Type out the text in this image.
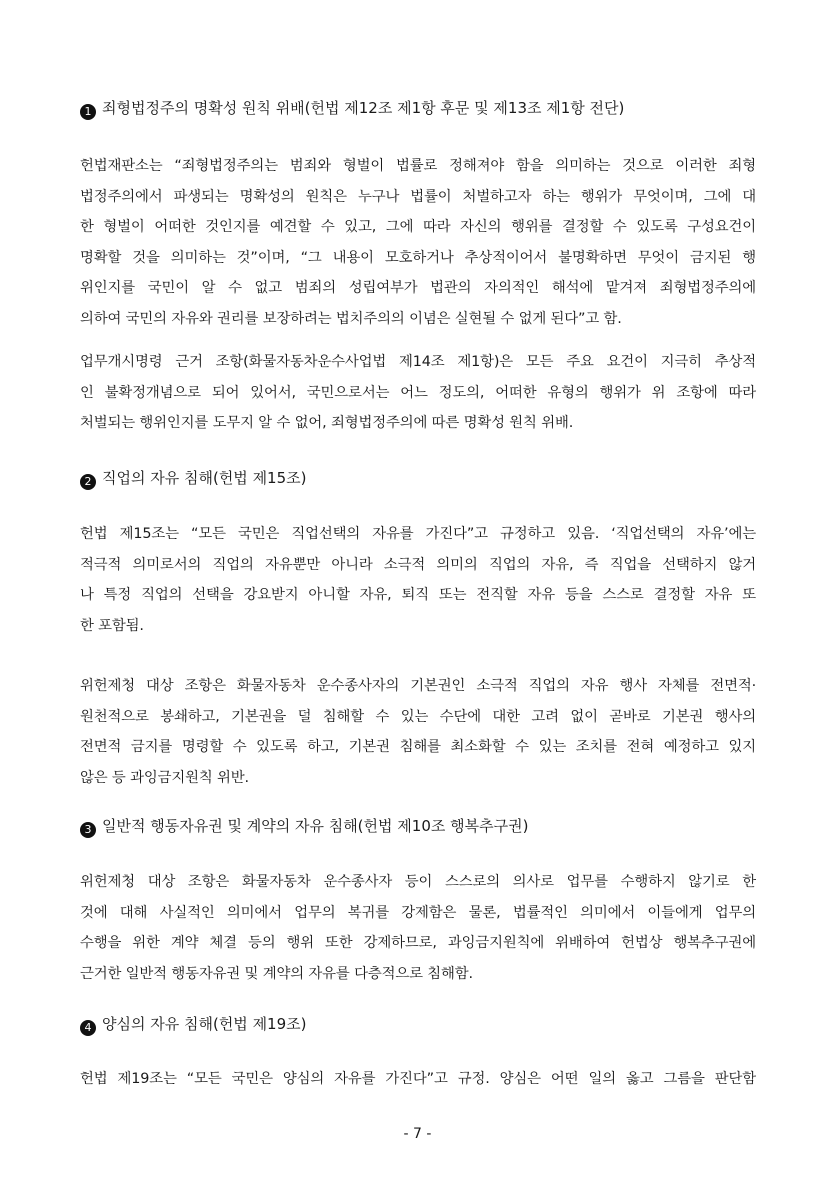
1 죄형법정주의 명확성 원칙 위배(헌법 제12조 제1항 후문 및 제13조 제1항 전단)
헌법재판소는 “죄형법정주의는 범죄와 형벌이 법률로 정해져야 함을 의미하는 것으로 이러한 죄형
법정주의에서 파생되는 명확성의 원칙은 누구나 법률이 처벌하고자 하는 행위가 무엇이며, 그에 대
한 형벌이 어떠한 것인지를 예견할 수 있고, 그에 따라 자신의 행위를 결정할 수 있도록 구성요건이
명확할 것을 의미하는 것”이며, “그 내용이 모호하거나 추상적이어서 불명확하면 무엇이 금지된 행
위인지를 국민이 알 수 없고 범죄의 성립여부가 법관의 자의적인 해석에 맡겨져 죄형법정주의에
의하여 국민의 자유와 권리를 보장하려는 법치주의의 이념은 실현될 수 없게 된다”고 함.
업무개시명령 근거 조항(화물자동차운수사업법 제14조 제1항)은 모든 주요 요건이 지극히 추상적
인 불확정개념으로 되어 있어서, 국민으로서는 어느 정도의, 어떠한 유형의 행위가 위 조항에 따라
처벌되는 행위인지를 도무지 알 수 없어, 죄형법정주의에 따른 명확성 원칙 위배.
2 직업의 자유 침해(헌법 제15조)
헌법 제15조는 “모든 국민은 직업선택의 자유를 가진다”고 규정하고 있음. ‘직업선택의 자유’에는
적극적 의미로서의 직업의 자유뿐만 아니라 소극적 의미의 직업의 자유, 즉 직업을 선택하지 않거
나 특정 직업의 선택을 강요받지 아니할 자유, 퇴직 또는 전직할 자유 등을 스스로 결정할 자유 또
한 포함됨.
위헌제청 대상 조항은 화물자동차 운수종사자의 기본권인 소극적 직업의 자유 행사 자체를 전면적·
원천적으로 봉쇄하고, 기본권을 덜 침해할 수 있는 수단에 대한 고려 없이 곧바로 기본권 행사의
전면적 금지를 명령할 수 있도록 하고, 기본권 침해를 최소화할 수 있는 조치를 전혀 예정하고 있지
않은 등 과잉금지원칙 위반.
3 일반적 행동자유권 및 계약의 자유 침해(헌법 제10조 행복추구권)
위헌제청 대상 조항은 화물자동차 운수종사자 등이 스스로의 의사로 업무를 수행하지 않기로 한
것에 대해 사실적인 의미에서 업무의 복귀를 강제함은 물론, 법률적인 의미에서 이들에게 업무의
수행을 위한 계약 체결 등의 행위 또한 강제하므로, 과잉금지원칙에 위배하여 헌법상 행복추구권에
근거한 일반적 행동자유권 및 계약의 자유를 다층적으로 침해함.
4 양심의 자유 침해(헌법 제19조)
헌법 제19조는 “모든 국민은 양심의 자유를 가진다”고 규정. 양심은 어떤 일의 옳고 그름을 판단함
- 7 -
